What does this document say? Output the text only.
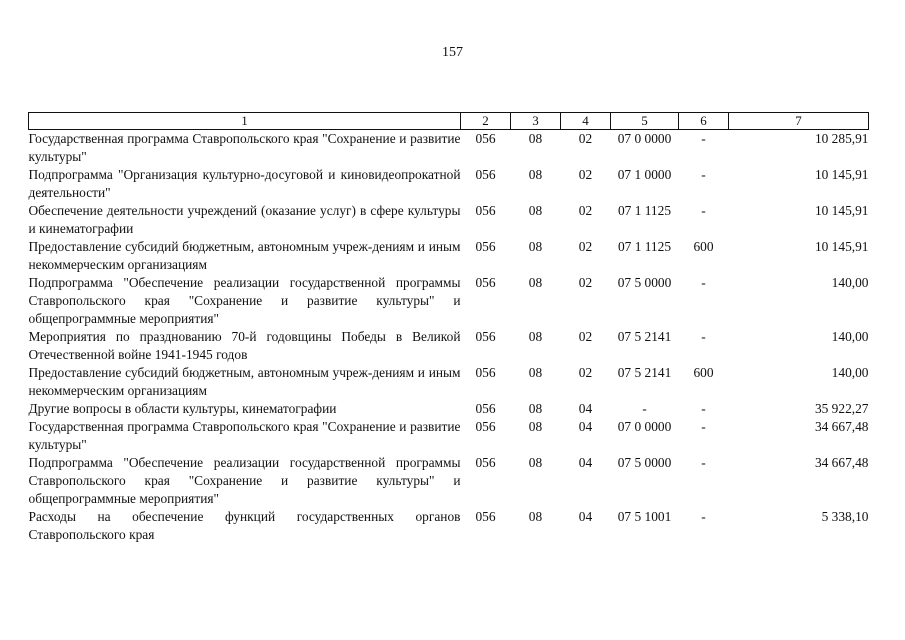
157
1	2	3	4	5	6	7
Государственная программа Ставропольского края "Сохранение и развитие культуры"	056	08	02	07 0 0000	-	10 285,91
Подпрограмма "Организация культурно-досуговой и киновидеопрокатной деятельности"	056	08	02	07 1 0000	-	10 145,91
Обеспечение деятельности учреждений (оказание услуг) в сфере культуры и кинематографии	056	08	02	07 1 1125	-	10 145,91
Предоставление субсидий бюджетным, автономным учреж-дениям и иным некоммерческим организациям	056	08	02	07 1 1125	600	10 145,91
Подпрограмма "Обеспечение реализации государственной программы Ставропольского края "Сохранение и развитие культуры" и общепрограммные мероприятия"	056	08	02	07 5 0000	-	140,00
Мероприятия по празднованию 70-й годовщины Победы в Великой Отечественной войне 1941-1945 годов	056	08	02	07 5 2141	-	140,00
Предоставление субсидий бюджетным, автономным учреж-дениям и иным некоммерческим организациям	056	08	02	07 5 2141	600	140,00
Другие вопросы в области культуры, кинематографии	056	08	04	-	-	35 922,27
Государственная программа Ставропольского края "Сохранение и развитие культуры"	056	08	04	07 0 0000	-	34 667,48
Подпрограмма "Обеспечение реализации государственной программы Ставропольского края "Сохранение и развитие культуры" и общепрограммные мероприятия"	056	08	04	07 5 0000	-	34 667,48
Расходы на обеспечение функций государственных органов Ставропольского края	056	08	04	07 5 1001	-	5 338,10
